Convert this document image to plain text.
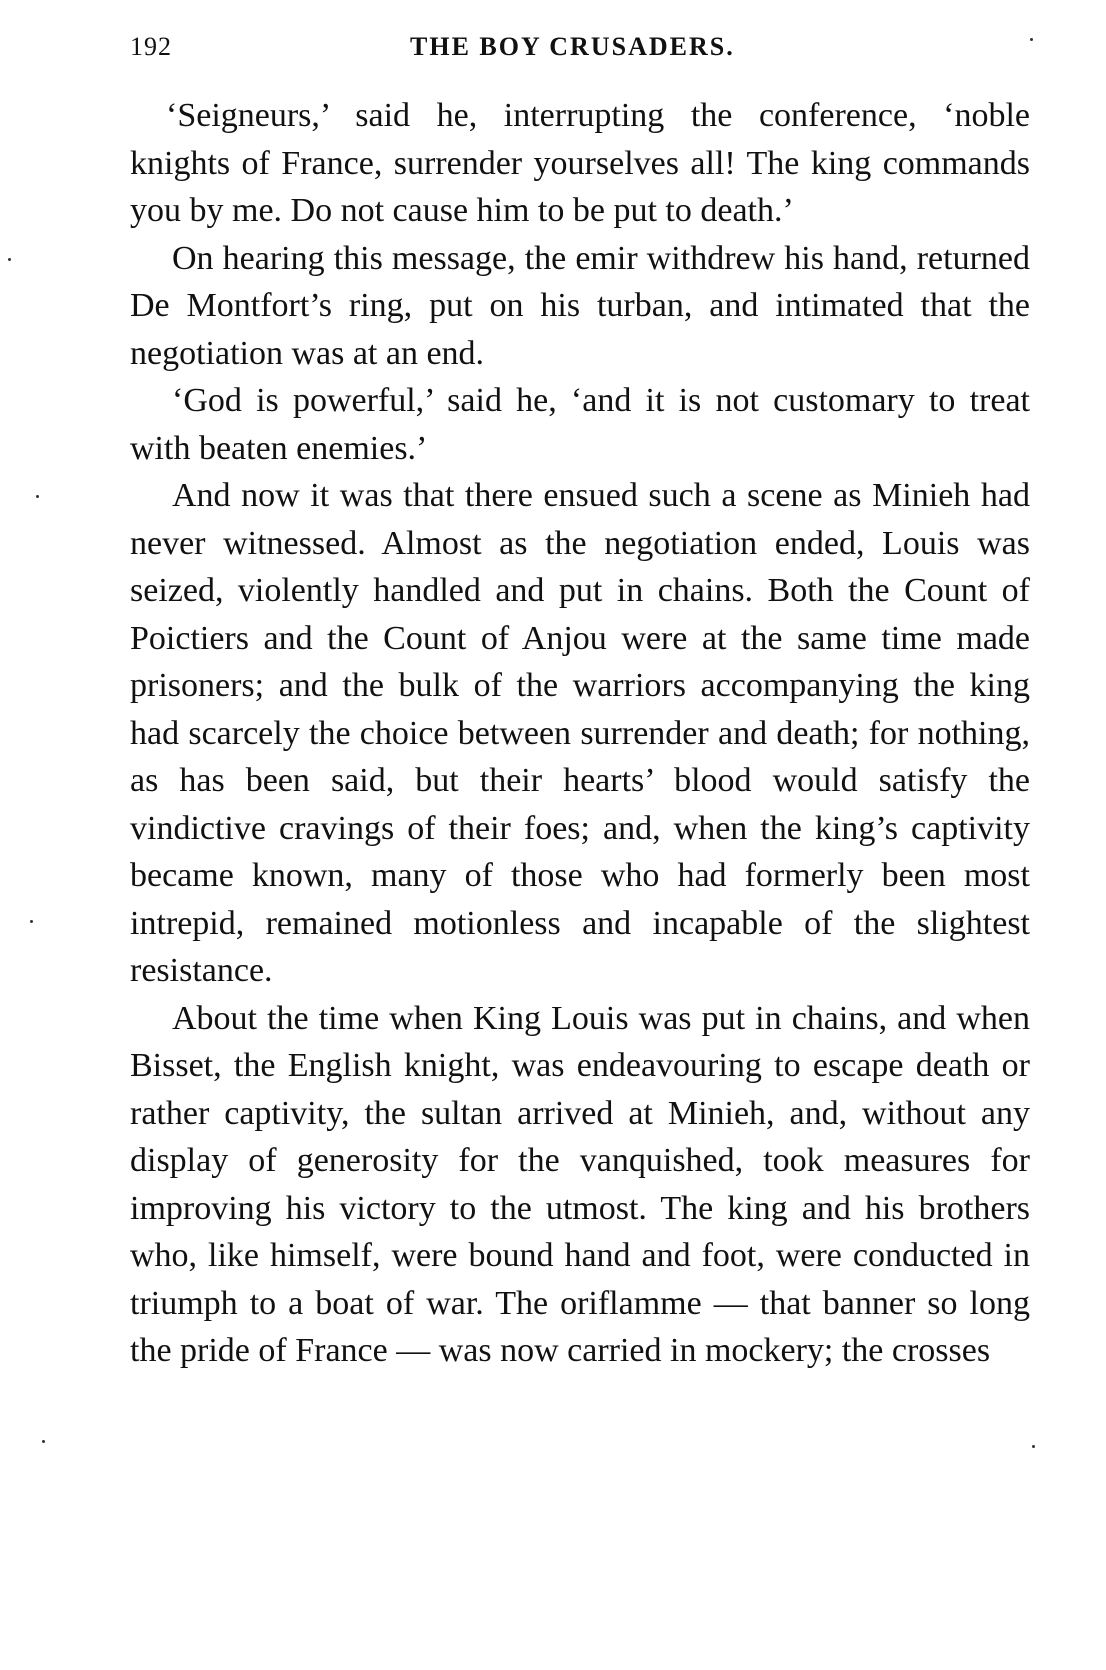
192	THE BOY CRUSADERS.

‘Seigneurs,’ said he, interrupting the conference, ‘noble knights of France, surrender yourselves all! The king commands you by me. Do not cause him to be put to death.’

On hearing this message, the emir withdrew his hand, returned De Montfort’s ring, put on his turban, and intimated that the negotiation was at an end.

‘God is powerful,’ said he, ‘and it is not customary to treat with beaten enemies.’

And now it was that there ensued such a scene as Minieh had never witnessed. Almost as the negotiation ended, Louis was seized, violently handled and put in chains. Both the Count of Poictiers and the Count of Anjou were at the same time made prisoners; and the bulk of the warriors accompanying the king had scarcely the choice between surrender and death; for nothing, as has been said, but their hearts’ blood would satisfy the vindictive cravings of their foes; and, when the king’s captivity became known, many of those who had formerly been most intrepid, remained motionless and incapable of the slightest resistance.

About the time when King Louis was put in chains, and when Bisset, the English knight, was endeavouring to escape death or rather captivity, the sultan arrived at Minieh, and, without any display of generosity for the vanquished, took measures for improving his victory to the utmost. The king and his brothers who, like himself, were bound hand and foot, were conducted in triumph to a boat of war. The oriflamme — that banner so long the pride of France — was now carried in mockery; the crosses
